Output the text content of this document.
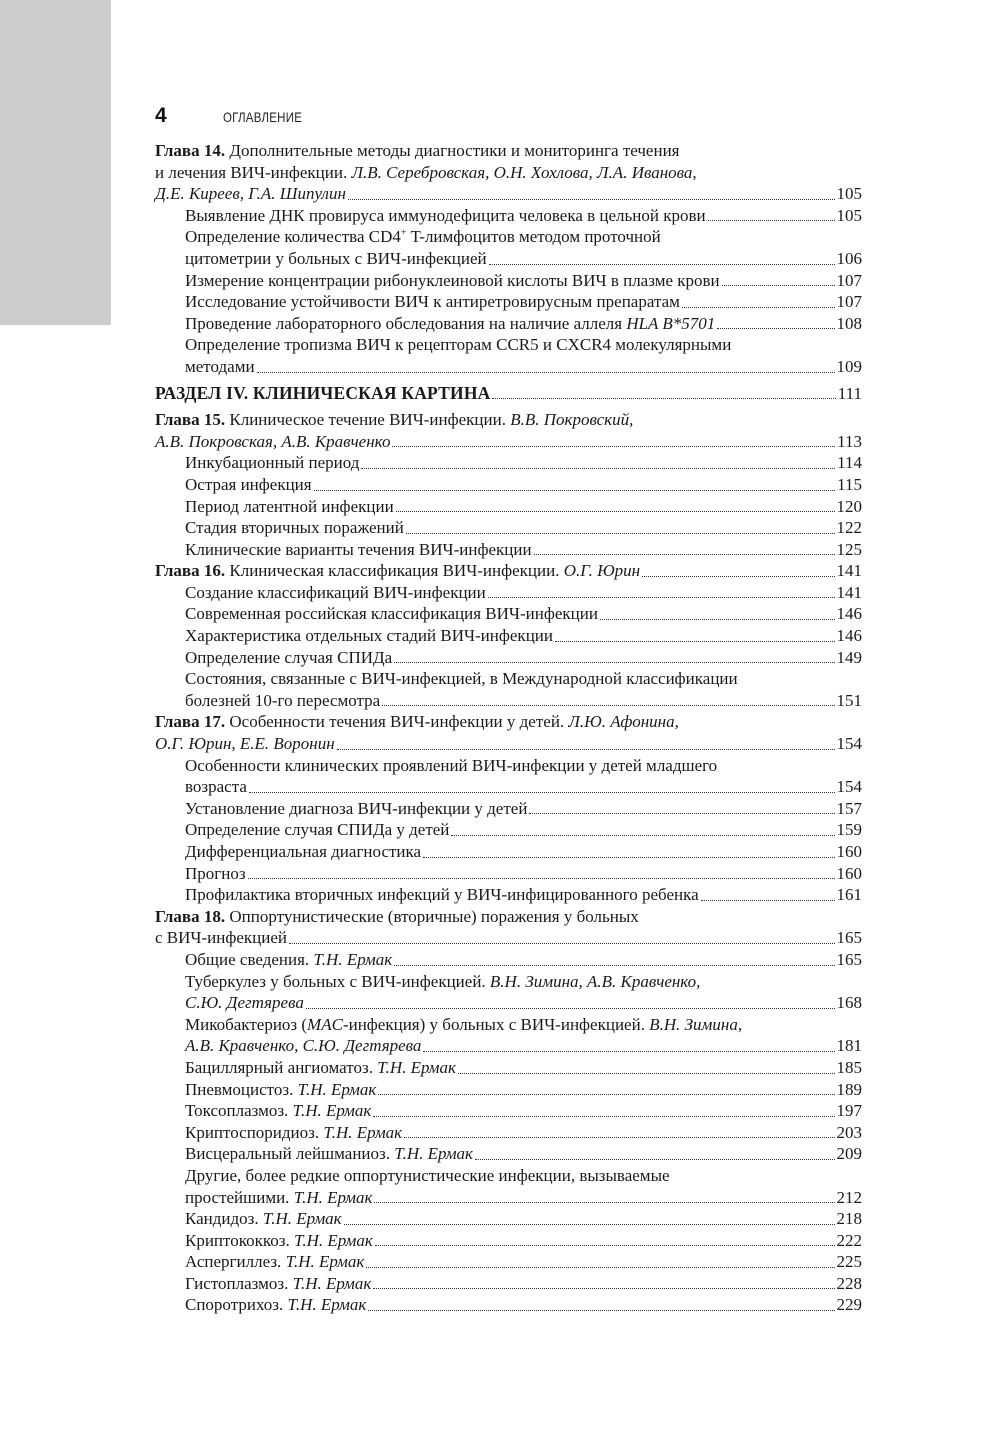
4	ОГЛАВЛЕНИЕ
Глава 14. Дополнительные методы диагностики и мониторинга течения
и лечения ВИЧ-инфекции. Л.В. Серебровская, О.Н. Хохлова, Л.А. Иванова,
Д.Е. Киреев, Г.А. Шипулин	105
Выявление ДНК провируса иммунодефицита человека в цельной крови	105
Определение количества CD4+ T-лимфоцитов методом проточной
цитометрии у больных с ВИЧ-инфекцией	106
Измерение концентрации рибонуклеиновой кислоты ВИЧ в плазме крови	107
Исследование устойчивости ВИЧ к антиретровирусным препаратам	107
Проведение лабораторного обследования на наличие аллеля HLA B*5701	108
Определение тропизма ВИЧ к рецепторам CCR5 и CXCR4 молекулярными
методами	109
РАЗДЕЛ IV. КЛИНИЧЕСКАЯ КАРТИНА	111
Глава 15. Клиническое течение ВИЧ-инфекции. В.В. Покровский,
А.В. Покровская, А.В. Кравченко	113
Инкубационный период	114
Острая инфекция	115
Период латентной инфекции	120
Стадия вторичных поражений	122
Клинические варианты течения ВИЧ-инфекции	125
Глава 16. Клиническая классификация ВИЧ-инфекции. О.Г. Юрин	141
Создание классификаций ВИЧ-инфекции	141
Современная российская классификация ВИЧ-инфекции	146
Характеристика отдельных стадий ВИЧ-инфекции	146
Определение случая СПИДа	149
Состояния, связанные с ВИЧ-инфекцией, в Международной классификации
болезней 10-го пересмотра	151
Глава 17. Особенности течения ВИЧ-инфекции у детей. Л.Ю. Афонина,
О.Г. Юрин, Е.Е. Воронин	154
Особенности клинических проявлений ВИЧ-инфекции у детей младшего
возраста	154
Установление диагноза ВИЧ-инфекции у детей	157
Определение случая СПИДа у детей	159
Дифференциальная диагностика	160
Прогноз	160
Профилактика вторичных инфекций у ВИЧ-инфицированного ребенка	161
Глава 18. Оппортунистические (вторичные) поражения у больных
с ВИЧ-инфекцией	165
Общие сведения. Т.Н. Ермак	165
Туберкулез у больных с ВИЧ-инфекцией. В.Н. Зимина, А.В. Кравченко,
С.Ю. Дегтярева	168
Микобактериоз (MAC-инфекция) у больных с ВИЧ-инфекцией. В.Н. Зимина,
А.В. Кравченко, С.Ю. Дегтярева	181
Бациллярный ангиоматоз. Т.Н. Ермак	185
Пневмоцистоз. Т.Н. Ермак	189
Токсоплазмоз. Т.Н. Ермак	197
Криптоспоридиоз. Т.Н. Ермак	203
Висцеральный лейшманиоз. Т.Н. Ермак	209
Другие, более редкие оппортунистические инфекции, вызываемые
простейшими. Т.Н. Ермак	212
Кандидоз. Т.Н. Ермак	218
Криптококкоз. Т.Н. Ермак	222
Аспергиллез. Т.Н. Ермак	225
Гистоплазмоз. Т.Н. Ермак	228
Споротрихоз. Т.Н. Ермак	229
